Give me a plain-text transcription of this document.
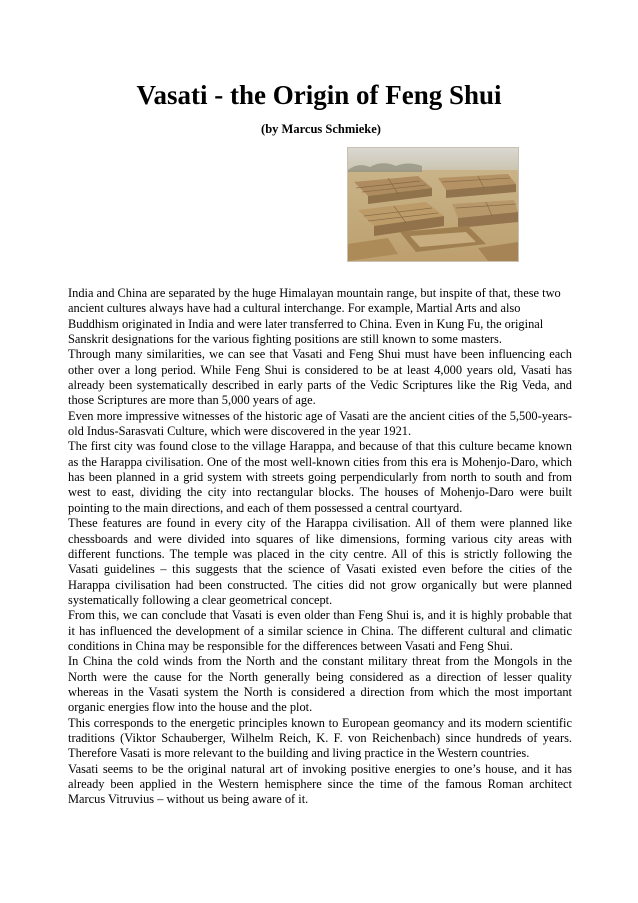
Vasati - the Origin of Feng Shui
(by Marcus Schmieke)

India and China are separated by the huge Himalayan mountain range, but inspite of that, these two ancient cultures always have had a cultural interchange. For example, Martial Arts and also Buddhism originated in India and were later transferred to China. Even in Kung Fu, the original Sanskrit designations for the various fighting positions are still known to some masters.

Through many similarities, we can see that Vasati and Feng Shui must have been influencing each other over a long period. While Feng Shui is considered to be at least 4,000 years old, Vasati has already been systematically described in early parts of the Vedic Scriptures like the Rig Veda, and those Scriptures are more than 5,000 years of age.

Even more impressive witnesses of the historic age of Vasati are the ancient cities of the 5,500-years-old Indus-Sarasvati Culture, which were discovered in the year 1921.

The first city was found close to the village Harappa, and because of that this culture became known as the Harappa civilisation. One of the most well-known cities from this era is Mohenjo-Daro, which has been planned in a grid system with streets going perpendicularly from north to south and from west to east, dividing the city into rectangular blocks. The houses of Mohenjo-Daro were built pointing to the main directions, and each of them possessed a central courtyard.

These features are found in every city of the Harappa civilisation. All of them were planned like chessboards and were divided into squares of like dimensions, forming various city areas with different functions. The temple was placed in the city centre. All of this is strictly following the Vasati guidelines – this suggests that the science of Vasati existed even before the cities of the Harappa civilisation had been constructed. The cities did not grow organically but were planned systematically following a clear geometrical concept.

From this, we can conclude that Vasati is even older than Feng Shui is, and it is highly probable that it has influenced the development of a similar science in China. The different cultural and climatic conditions in China may be responsible for the differences between Vasati and Feng Shui.

In China the cold winds from the North and the constant military threat from the Mongols in the North were the cause for the North generally being considered as a direction of lesser quality whereas in the Vasati system the North is considered a direction from which the most important organic energies flow into the house and the plot.

This corresponds to the energetic principles known to European geomancy and its modern scientific traditions (Viktor Schauberger, Wilhelm Reich, K. F. von Reichenbach) since hundreds of years. Therefore Vasati is more relevant to the building and living practice in the Western countries.

Vasati seems to be the original natural art of invoking positive energies to one’s house, and it has already been applied in the Western hemisphere since the time of the famous Roman architect Marcus Vitruvius – without us being aware of it.
